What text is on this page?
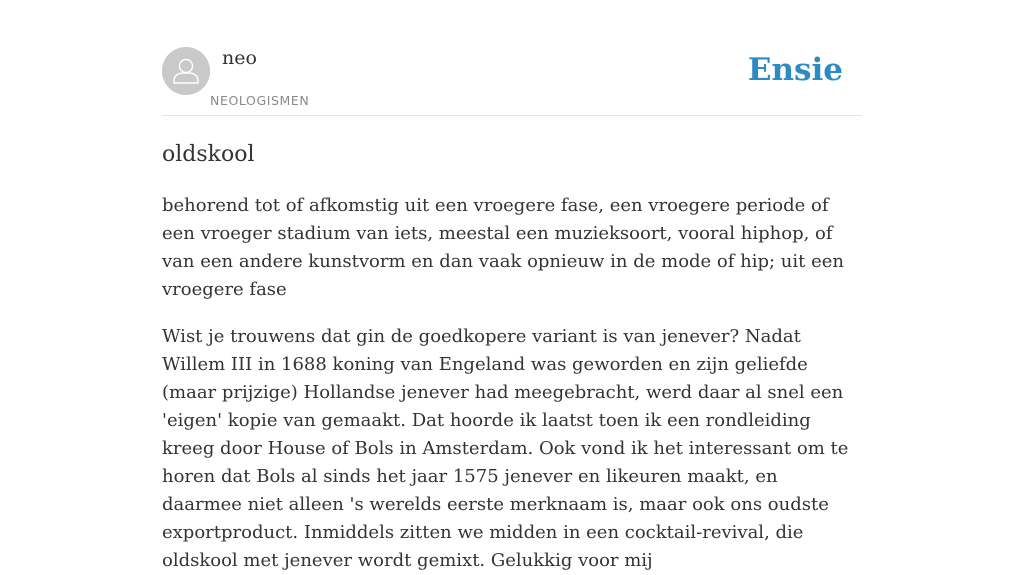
neo
NEOLOGISMEN
Ensie
oldskool

behorend tot of afkomstig uit een vroegere fase, een vroegere periode of een vroeger stadium van iets, meestal een muzieksoort, vooral hiphop, of van een andere kunstvorm en dan vaak opnieuw in de mode of hip; uit een vroegere fase

Wist je trouwens dat gin de goedkopere variant is van jenever? Nadat Willem III in 1688 koning van Engeland was geworden en zijn geliefde (maar prijzige) Hollandse jenever had meegebracht, werd daar al snel een 'eigen' kopie van gemaakt. Dat hoorde ik laatst toen ik een rondleiding kreeg door House of Bols in Amsterdam. Ook vond ik het interessant om te horen dat Bols al sinds het jaar 1575 jenever en likeuren maakt, en daarmee niet alleen 's werelds eerste merknaam is, maar ook ons oudste exportproduct. Inmiddels zitten we midden in een cocktail-revival, die oldskool met jenever wordt gemixt. Gelukkig voor mij
